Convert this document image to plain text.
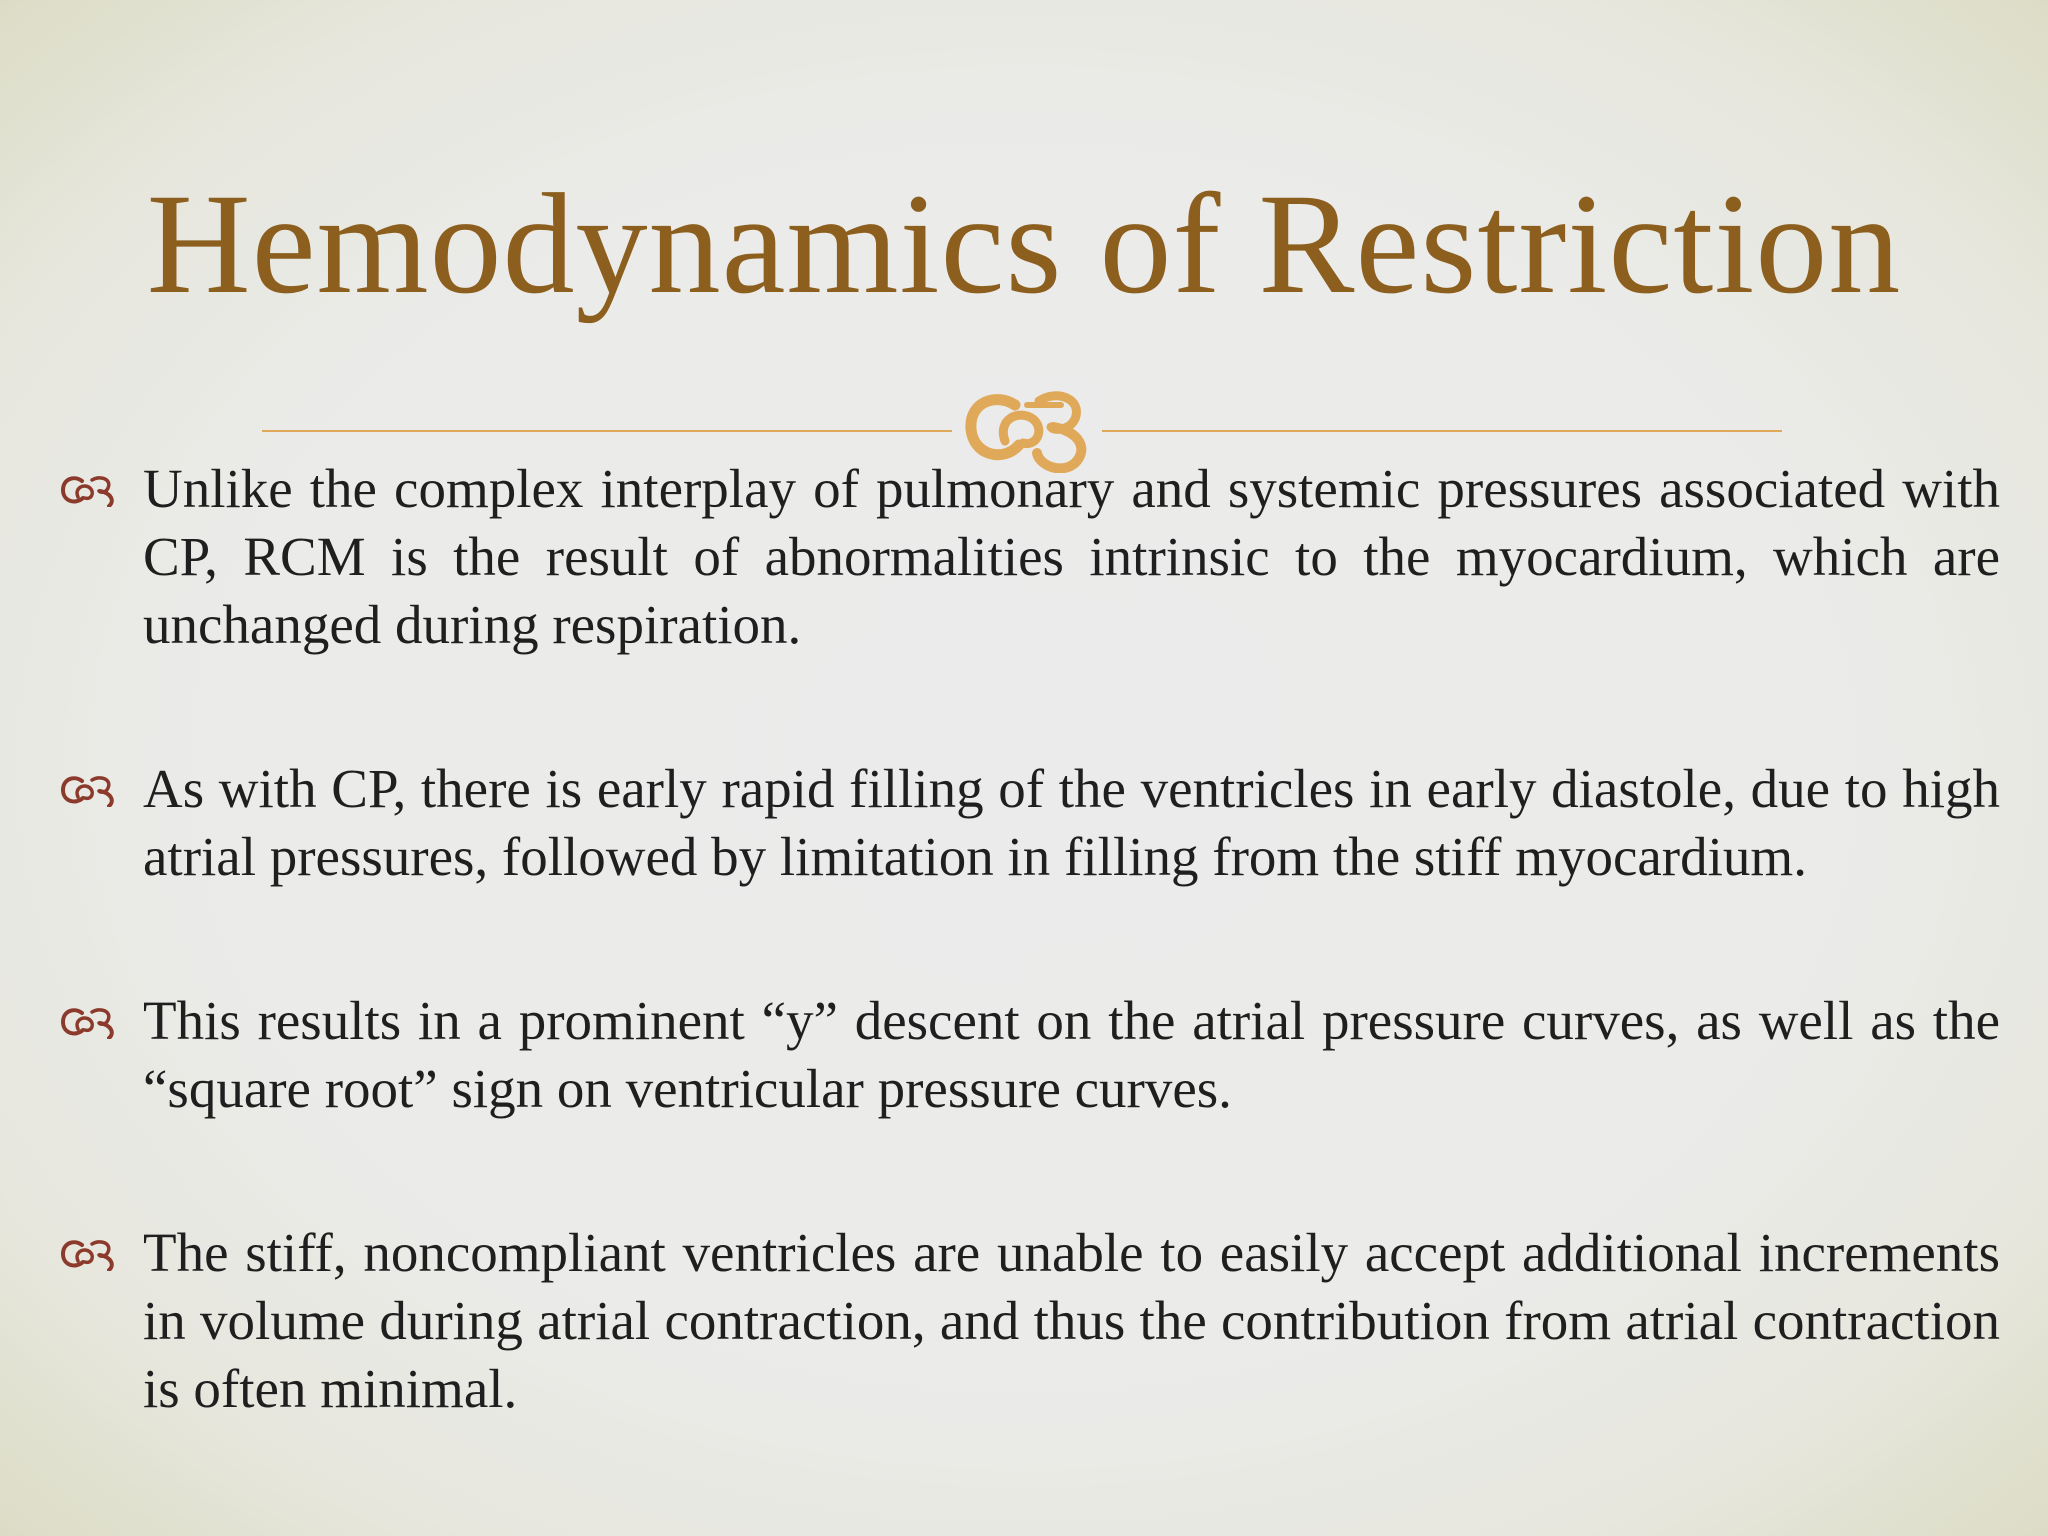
Hemodynamics of Restriction
Unlike the complex interplay of pulmonary and systemic pressures associated with CP, RCM is the result of abnormalities intrinsic to the myocardium, which are unchanged during respiration.
As with CP, there is early rapid filling of the ventricles in early diastole, due to high atrial pressures, followed by limitation in filling from the stiff myocardium.
This results in a prominent “y” descent on the atrial pressure curves, as well as the “square root” sign on ventricular pressure curves.
The stiff, noncompliant ventricles are unable to easily accept additional increments in volume during atrial contraction, and thus the contribution from atrial contraction is often minimal.
